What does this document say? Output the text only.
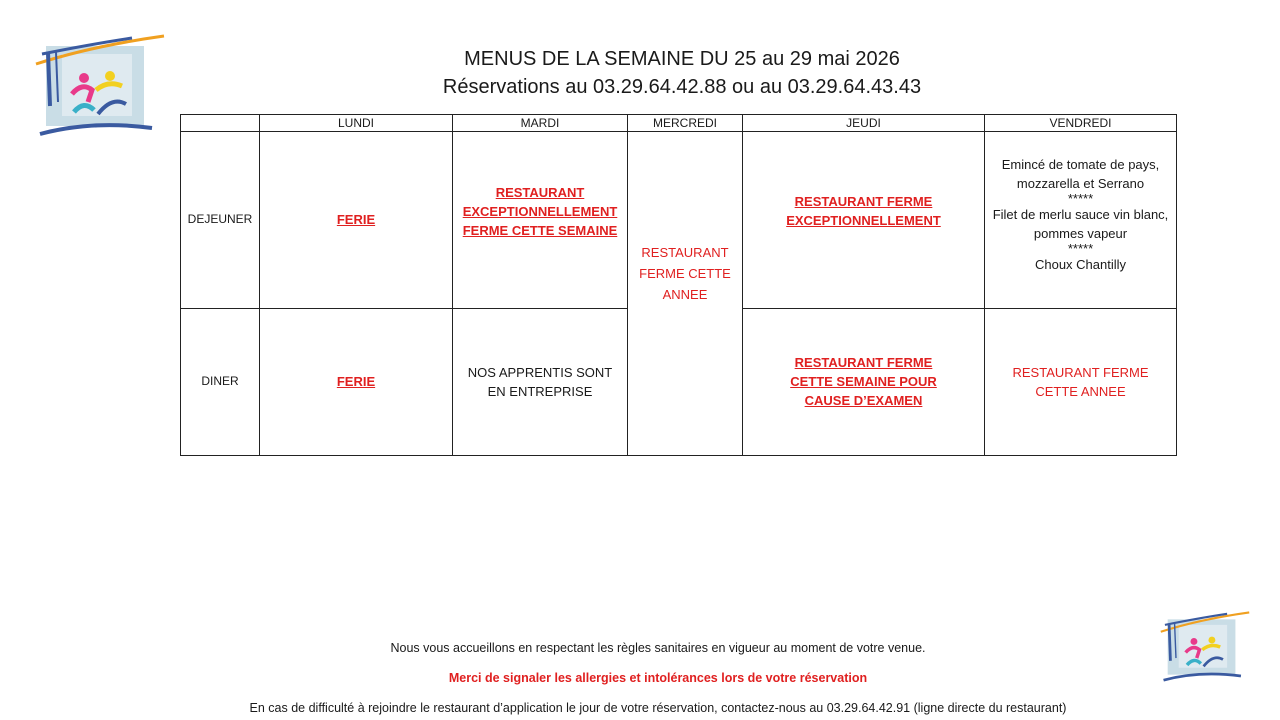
MENUS DE LA SEMAINE DU 25 au 29 mai 2026
Réservations au 03.29.64.42.88 ou au 03.29.64.43.43
	LUNDI	MARDI	MERCREDI	JEUDI	VENDREDI
DEJEUNER	FERIE	RESTAURANT EXCEPTIONNELLEMENT FERME CETTE SEMAINE	RESTAURANT FERME CETTE ANNEE	RESTAURANT FERME EXCEPTIONNELLEMENT	Emincé de tomate de pays, mozzarella et Serrano
*****
Filet de merlu sauce vin blanc, pommes vapeur
*****
Choux Chantilly

DINER	FERIE	NOS APPRENTIS SONT EN ENTREPRISE		RESTAURANT FERME CETTE SEMAINE POUR CAUSE D’EXAMEN	RESTAURANT FERME CETTE ANNEE
Nous vous accueillons en respectant les règles sanitaires en vigueur au moment de votre venue.
Merci de signaler les allergies et intolérances lors de votre réservation
En cas de difficulté à rejoindre le restaurant d’application le jour de votre réservation, contactez-nous au 03.29.64.42.91 (ligne directe du restaurant)
